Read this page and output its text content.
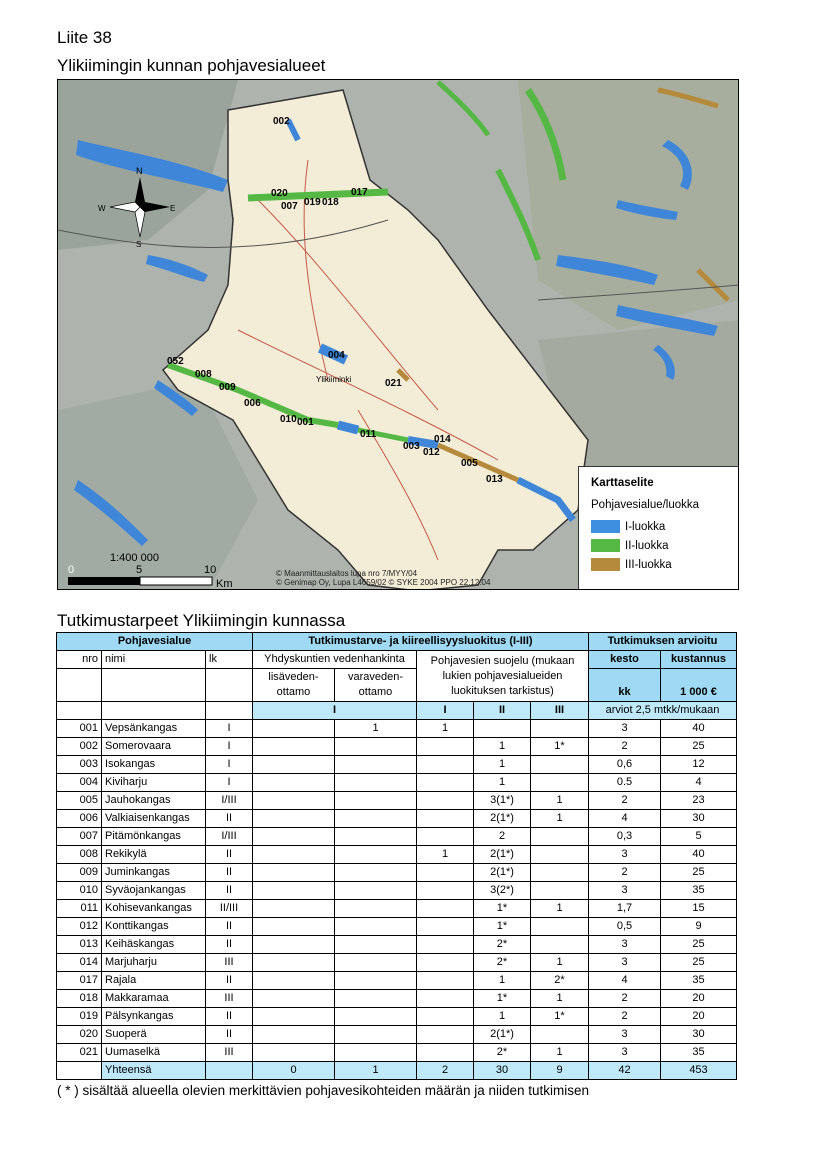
Liite 38
Ylikiimingin kunnan pohjavesialueet
N
E
S
W
Ylikiiminki
002
020
007 019 018
017
004
052
008
009
006
010 001
021
011	014
003
012
005
013
1:400 000
0	5	10
Km
© Maanmittauslaitos lupa nro 7/MYY/04
© Genimap Oy, Lupa L4659/02 © SYKE 2004 PPO 22.12.04
Karttaselite
Pohjavesialue/luokka
I-luokka
II-luokka
III-luokka
Tutkimustarpeet Ylikiimingin kunnassa
Pohjavesialue			Tutkimustarve- ja kiireellisyysluokitus (I-III)					Tutkimuksen arvioitu	
nro	nimi	lk	Yhdyskuntien vedenhankinta		Pohjavesien suojelu (mukaan lukien pohjavesialueiden luokituksen tarkistus)			kesto	kustannus
			lisäveden-ottamo	varaveden-ottamo				kk	1 000 €
			I		I	II	III	arviot 2,5 mtkk/mukaan	
001	Vepsänkangas	I		1	1			3	40
002	Somerovaara	I				1	1*	2	25
003	Isokangas	I				1		0,6	12
004	Kiviharju	I				1		0.5	4
005	Jauhokangas	I/III				3(1*)	1	2	23
006	Valkiaisenkangas	II				2(1*)	1	4	30
007	Pitämönkangas	I/III				2		0,3	5
008	Rekikylä	II			1	2(1*)		3	40
009	Juminkangas	II				2(1*)		2	25
010	Syväojankangas	II				3(2*)		3	35
011	Kohisevankangas	II/III				1*	1	1,7	15
012	Konttikangas	II				1*		0,5	9
013	Keihäskangas	II				2*		3	25
014	Marjuharju	III				2*	1	3	25
017	Rajala	II				1	2*	4	35
018	Makkaramaa	III				1*	1	2	20
019	Pälsynkangas	II				1	1*	2	20
020	Suoperä	II				2(1*)		3	30
021	Uumaselkä	III				2*	1	3	35
	Yhteensä		0	1	2	30	9	42	453
( * ) sisältää alueella olevien merkittävien pohjavesikohteiden määrän ja niiden tutkimisen
